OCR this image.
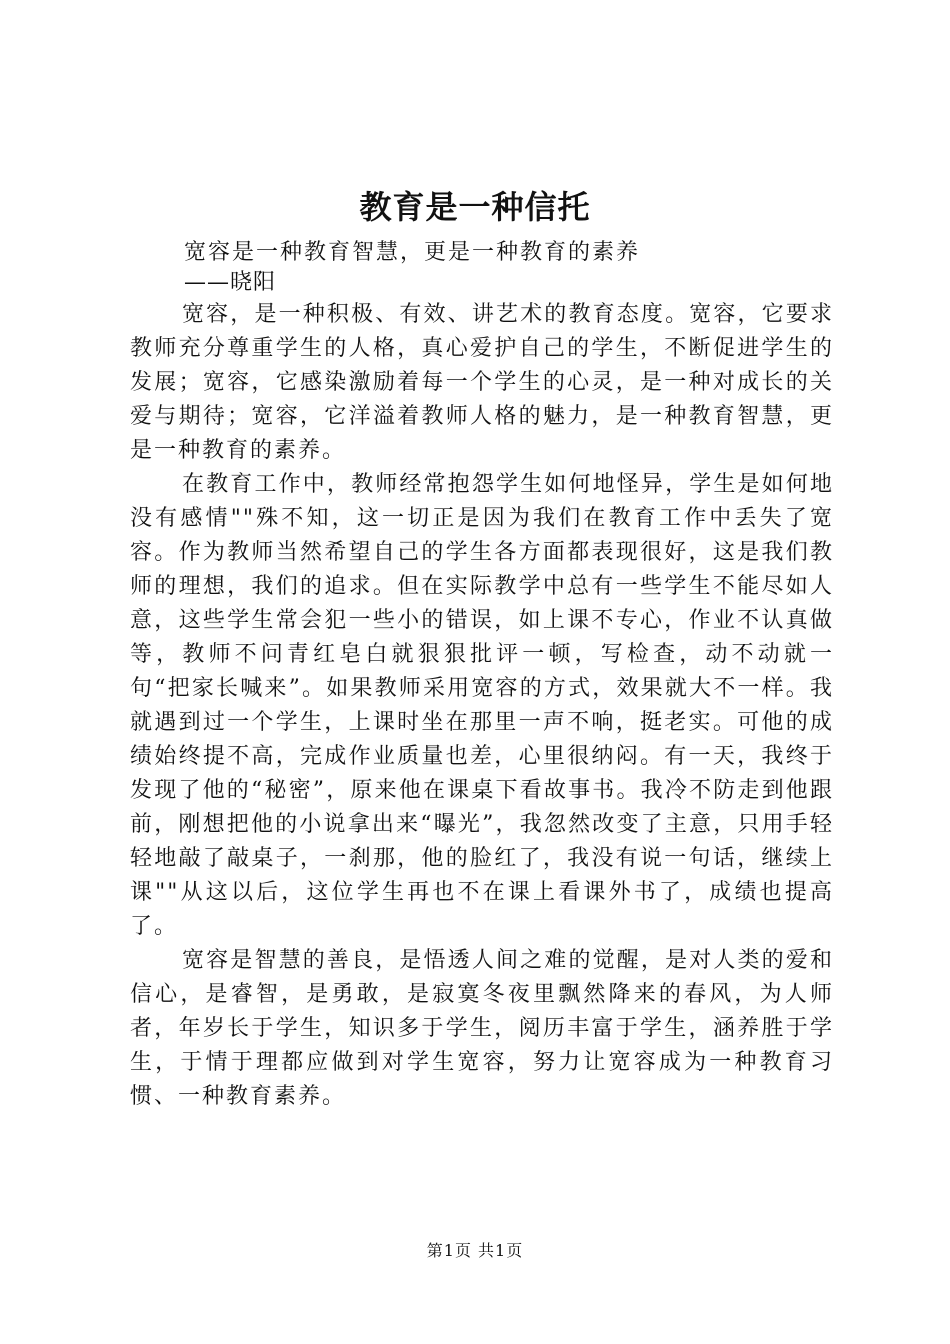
教育是一种信托
宽容是一种教育智慧，更是一种教育的素养
——晓阳

宽容，是一种积极、有效、讲艺术的教育态度。宽容，它要求教师充分尊重学生的人格，真心爱护自己的学生，不断促进学生的发展；宽容，它感染激励着每一个学生的心灵，是一种对成长的关爱与期待；宽容，它洋溢着教师人格的魅力，是一种教育智慧，更是一种教育的素养。

在教育工作中，教师经常抱怨学生如何地怪异，学生是如何地没有感情""殊不知，这一切正是因为我们在教育工作中丢失了宽容。作为教师当然希望自己的学生各方面都表现很好，这是我们教师的理想，我们的追求。但在实际教学中总有一些学生不能尽如人意，这些学生常会犯一些小的错误，如上课不专心，作业不认真做等，教师不问青红皂白就狠狠批评一顿，写检查，动不动就一句“把家长喊来”。如果教师采用宽容的方式，效果就大不一样。我就遇到过一个学生，上课时坐在那里一声不响，挺老实。可他的成绩始终提不高，完成作业质量也差，心里很纳闷。有一天，我终于发现了他的“秘密”，原来他在课桌下看故事书。我冷不防走到他跟前，刚想把他的小说拿出来“曝光”，我忽然改变了主意，只用手轻轻地敲了敲桌子，一刹那，他的脸红了，我没有说一句话，继续上课""从这以后，这位学生再也不在课上看课外书了，成绩也提高了。

宽容是智慧的善良，是悟透人间之难的觉醒，是对人类的爱和信心，是睿智，是勇敢，是寂寞冬夜里飘然降来的春风，为人师者，年岁长于学生，知识多于学生，阅历丰富于学生，涵养胜于学生，于情于理都应做到对学生宽容，努力让宽容成为一种教育习惯、一种教育素养。

第1页 共1页
